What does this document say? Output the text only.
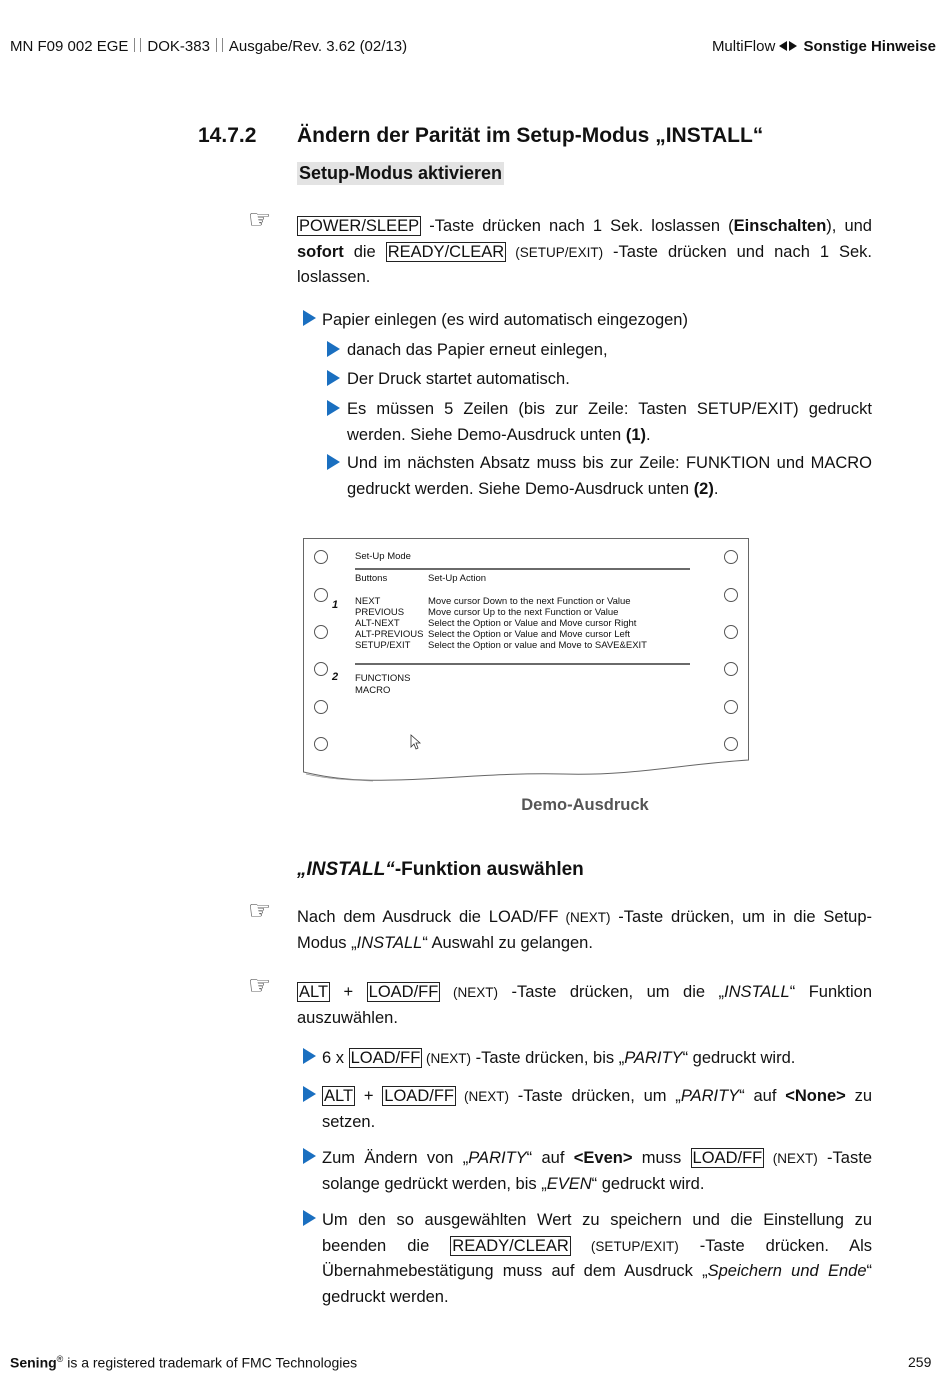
MN F09 002 EGE DOK-383 Ausgabe/Rev. 3.62 (02/13)	MultiFlow Sonstige Hinweise
14.7.2 Ändern der Parität im Setup-Modus „INSTALL“
Setup-Modus aktivieren
☞ POWER/SLEEP -Taste drücken nach 1 Sek. loslassen (Einschalten), und sofort die READY/CLEAR (SETUP/EXIT) -Taste drücken und nach 1 Sek. loslassen.
Papier einlegen (es wird automatisch eingezogen)
danach das Papier erneut einlegen,
Der Druck startet automatisch.
Es müssen 5 Zeilen (bis zur Zeile: Tasten SETUP/EXIT) gedruckt werden. Siehe Demo-Ausdruck unten (1).
Und im nächsten Absatz muss bis zur Zeile: FUNKTION und MACRO gedruckt werden. Siehe Demo-Ausdruck unten (2).
Set-Up Mode
Buttons	Set-Up Action
1
2
NEXT	Move cursor Down to the next Function or Value
PREVIOUS	Move cursor Up to the next Function or Value
ALT-NEXT	Select the Option or Value and Move cursor Right
ALT-PREVIOUS Select the Option or Value and Move cursor Left
SETUP/EXIT Select the Option or value and Move to SAVE&EXIT
FUNCTIONS
MACRO
Demo-Ausdruck
„INSTALL“-Funktion auswählen
☞ Nach dem Ausdruck die LOAD/FF (NEXT) -Taste drücken, um in die Setup-Modus „INSTALL“ Auswahl zu gelangen.
☞ ALT + LOAD/FF (NEXT) -Taste drücken, um die „INSTALL“ Funktion auszuwählen.
6 x LOAD/FF (NEXT) -Taste drücken, bis „PARITY“ gedruckt wird.
ALT + LOAD/FF (NEXT) -Taste drücken, um „PARITY“ auf <None> zu setzen.
Zum Ändern von „PARITY“ auf <Even> muss LOAD/FF (NEXT) -Taste solange gedrückt werden, bis „EVEN“ gedruckt wird.
Um den so ausgewählten Wert zu speichern und die Einstellung zu beenden die READY/CLEAR (SETUP/EXIT) -Taste drücken. Als Übernahmebestätigung muss auf dem Ausdruck „Speichern und Ende“ gedruckt werden.
Sening® is a registered trademark of FMC Technologies	259
